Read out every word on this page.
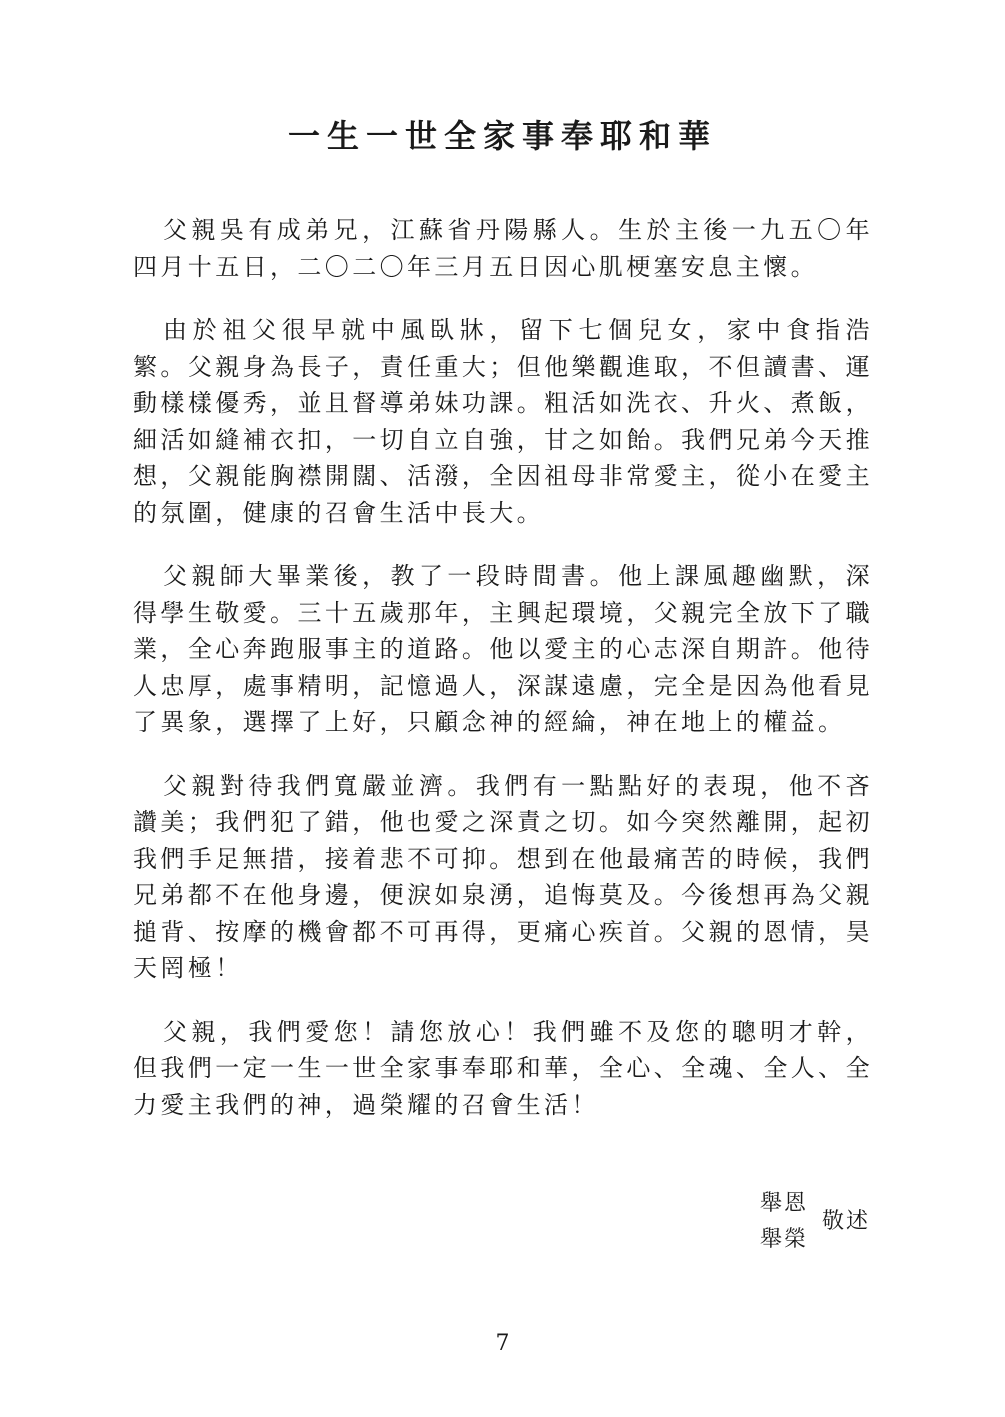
一生一世全家事奉耶和華

父親吳有成弟兄，江蘇省丹陽縣人。生於主後一九五〇年四月十五日，二〇二〇年三月五日因心肌梗塞安息主懷。

由於祖父很早就中風臥牀，留下七個兒女，家中食指浩繁。父親身為長子，責任重大；但他樂觀進取，不但讀書、運動樣樣優秀，並且督導弟妹功課。粗活如洗衣、升火、煮飯，細活如縫補衣扣，一切自立自強，甘之如飴。我們兄弟今天推想，父親能胸襟開闊、活潑，全因祖母非常愛主，從小在愛主的氛圍，健康的召會生活中長大。

父親師大畢業後，教了一段時間書。他上課風趣幽默，深得學生敬愛。三十五歲那年，主興起環境，父親完全放下了職業，全心奔跑服事主的道路。他以愛主的心志深自期許。他待人忠厚，處事精明，記憶過人，深謀遠慮，完全是因為他看見了異象，選擇了上好，只顧念神的經綸，神在地上的權益。

父親對待我們寬嚴並濟。我們有一點點好的表現，他不吝讚美；我們犯了錯，他也愛之深責之切。如今突然離開，起初我們手足無措，接着悲不可抑。想到在他最痛苦的時候，我們兄弟都不在他身邊，便淚如泉湧，追悔莫及。今後想再為父親搥背、按摩的機會都不可再得，更痛心疾首。父親的恩情，昊天罔極！

父親，我們愛您！請您放心！我們雖不及您的聰明才幹，但我們一定一生一世全家事奉耶和華，全心、全魂、全人、全力愛主我們的神，過榮耀的召會生活！

舉恩
舉榮
敬述
7
